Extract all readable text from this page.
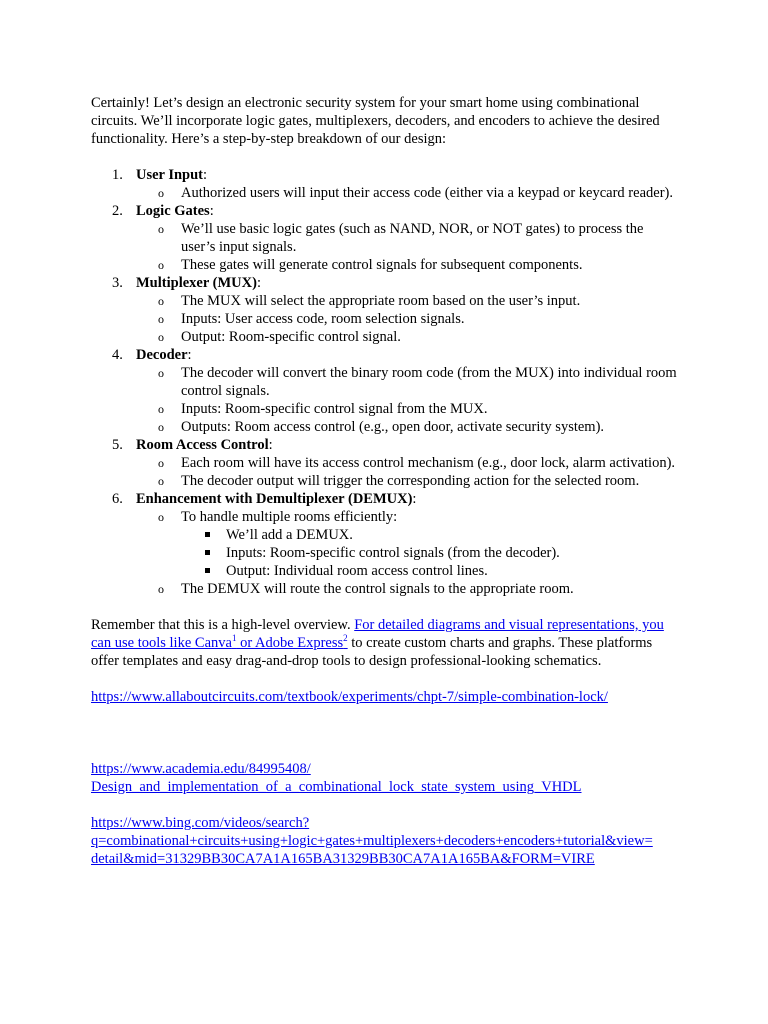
Certainly! Let’s design an electronic security system for your smart home using combinational circuits. We’ll incorporate logic gates, multiplexers, decoders, and encoders to achieve the desired functionality. Here’s a step-by-step breakdown of our design:

1. User Input:
o Authorized users will input their access code (either via a keypad or keycard reader).
2. Logic Gates:
o We’ll use basic logic gates (such as NAND, NOR, or NOT gates) to process the user’s input signals.
o These gates will generate control signals for subsequent components.
3. Multiplexer (MUX):
o The MUX will select the appropriate room based on the user’s input.
o Inputs: User access code, room selection signals.
o Output: Room-specific control signal.
4. Decoder:
o The decoder will convert the binary room code (from the MUX) into individual room control signals.
o Inputs: Room-specific control signal from the MUX.
o Outputs: Room access control (e.g., open door, activate security system).
5. Room Access Control:
o Each room will have its access control mechanism (e.g., door lock, alarm activation).
o The decoder output will trigger the corresponding action for the selected room.
6. Enhancement with Demultiplexer (DEMUX):
o To handle multiple rooms efficiently:
We’ll add a DEMUX.
Inputs: Room-specific control signals (from the decoder).
Output: Individual room access control lines.
o The DEMUX will route the control signals to the appropriate room.

Remember that this is a high-level overview. For detailed diagrams and visual representations, you can use tools like Canva$^1$ or Adobe Express$^2$ to create custom charts and graphs. These platforms offer templates and easy drag-and-drop tools to design professional-looking schematics.

https://www.allaboutcircuits.com/textbook/experiments/chpt-7/simple-combination-lock/

https://www.academia.edu/84995408/
Design_and_implementation_of_a_combinational_lock_state_system_using_VHDL

https://www.bing.com/videos/search?
q=combinational+circuits+using+logic+gates+multiplexers+decoders+encoders+tutorial&view=
detail&mid=31329BB30CA7A1A165BA31329BB30CA7A1A165BA&FORM=VIRE
